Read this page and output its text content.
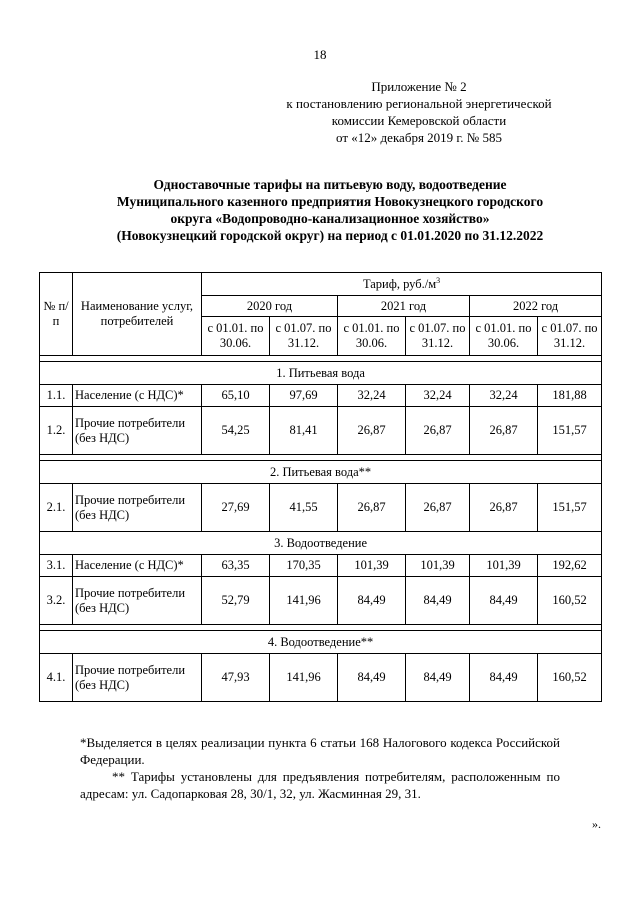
18
Приложение № 2
к постановлению региональной энергетической
комиссии Кемеровской области
от «12» декабря 2019 г. № 585
Одноставочные тарифы на питьевую воду, водоотведение
Муниципального казенного предприятия Новокузнецкого городского
округа «Водопроводно-канализационное хозяйство»
(Новокузнецкий городской округ) на период с 01.01.2020 по 31.12.2022
№ п/п	Наименование услуг, потребителей	Тариф, $руб./м^3$
		2020 год		2021 год		2022 год	
		с 01.01. по 30.06.	с 01.07. по 31.12.	с 01.01. по 30.06.	с 01.07. по 31.12.	с 01.01. по 30.06.	с 01.07. по 31.12.

1. Питьевая вода							
1.1.	Население (с НДС)*	65,10	97,69	32,24	32,24	32,24	181,88
1.2.	Прочие потребители (без НДС)	54,25	81,41	26,87	26,87	26,87	151,57

2. Питьевая вода**							
2.1.	Прочие потребители (без НДС)	27,69	41,55	26,87	26,87	26,87	151,57
3. Водоотведение							
3.1.	Население (с НДС)*	63,35	170,35	101,39	101,39	101,39	192,62
3.2.	Прочие потребители (без НДС)	52,79	141,96	84,49	84,49	84,49	160,52

4. Водоотведение**							
4.1.	Прочие потребители (без НДС)	47,93	141,96	84,49	84,49	84,49	160,52

*Выделяется в целях реализации пункта 6 статьи 168 Налогового кодекса Российской Федерации.

** Тарифы установлены для предъявления потребителям, расположенным по адресам: ул. Садопарковая 28, 30/1, 32, ул. Жасминная 29, 31.

».
